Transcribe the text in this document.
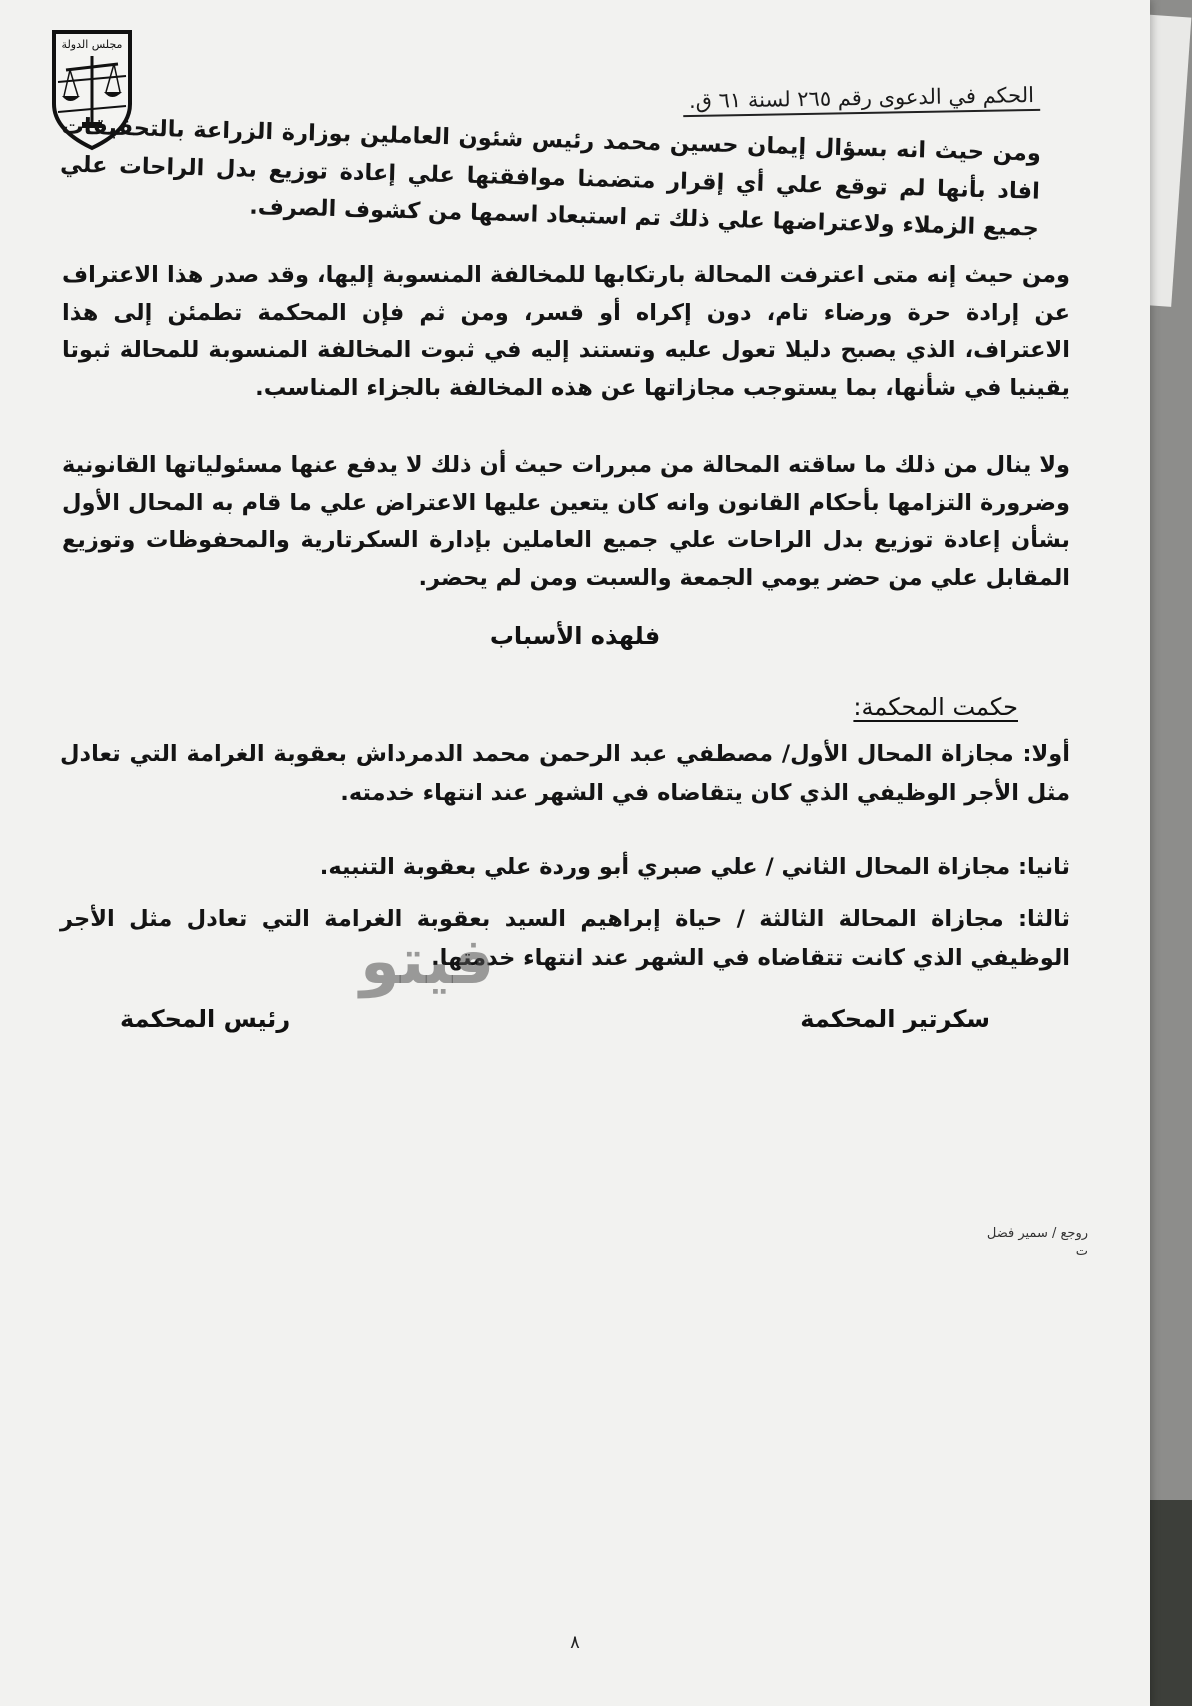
مجلس الدولة
الحكم في الدعوى رقم ٢٦٥ لسنة ٦١ ق.
ومن حيث انه بسؤال إيمان حسين محمد رئيس شئون العاملين بوزارة الزراعة بالتحقيقات افاد بأنها لم توقع علي أي إقرار متضمنا موافقتها علي إعادة توزيع بدل الراحات علي جميع الزملاء ولاعتراضها علي ذلك تم استبعاد اسمها من كشوف الصرف.
ومن حيث إنه متى اعترفت المحالة بارتكابها للمخالفة المنسوبة إليها، وقد صدر هذا الاعتراف عن إرادة حرة ورضاء تام، دون إكراه أو قسر، ومن ثم فإن المحكمة تطمئن إلى هذا الاعتراف، الذي يصبح دليلا تعول عليه وتستند إليه في ثبوت المخالفة المنسوبة للمحالة ثبوتا يقينيا في شأنها، بما يستوجب مجازاتها عن هذه المخالفة بالجزاء المناسب.
ولا ينال من ذلك ما ساقته المحالة من مبررات حيث أن ذلك لا يدفع عنها مسئولياتها القانونية وضرورة التزامها بأحكام القانون وانه كان يتعين عليها الاعتراض علي ما قام به المحال الأول بشأن إعادة توزيع بدل الراحات علي جميع العاملين بإدارة السكرتارية والمحفوظات وتوزيع المقابل علي من حضر يومي الجمعة والسبت ومن لم يحضر.
فلهذه الأسباب
حكمت المحكمة:
أولا: مجازاة المحال الأول/ مصطفي عبد الرحمن محمد الدمرداش بعقوبة الغرامة التي تعادل مثل الأجر الوظيفي الذي كان يتقاضاه في الشهر عند انتهاء خدمته.
ثانيا: مجازاة المحال الثاني / علي صبري أبو وردة علي بعقوبة التنبيه.
ثالثا: مجازاة المحالة الثالثة / حياة إبراهيم السيد بعقوبة الغرامة التي تعادل مثل الأجر الوظيفي الذي كانت تتقاضاه في الشهر عند انتهاء خدمتها.
فيتو
سكرتير المحكمة
رئيس المحكمة
روجع / سمير فضل
ت
٨
